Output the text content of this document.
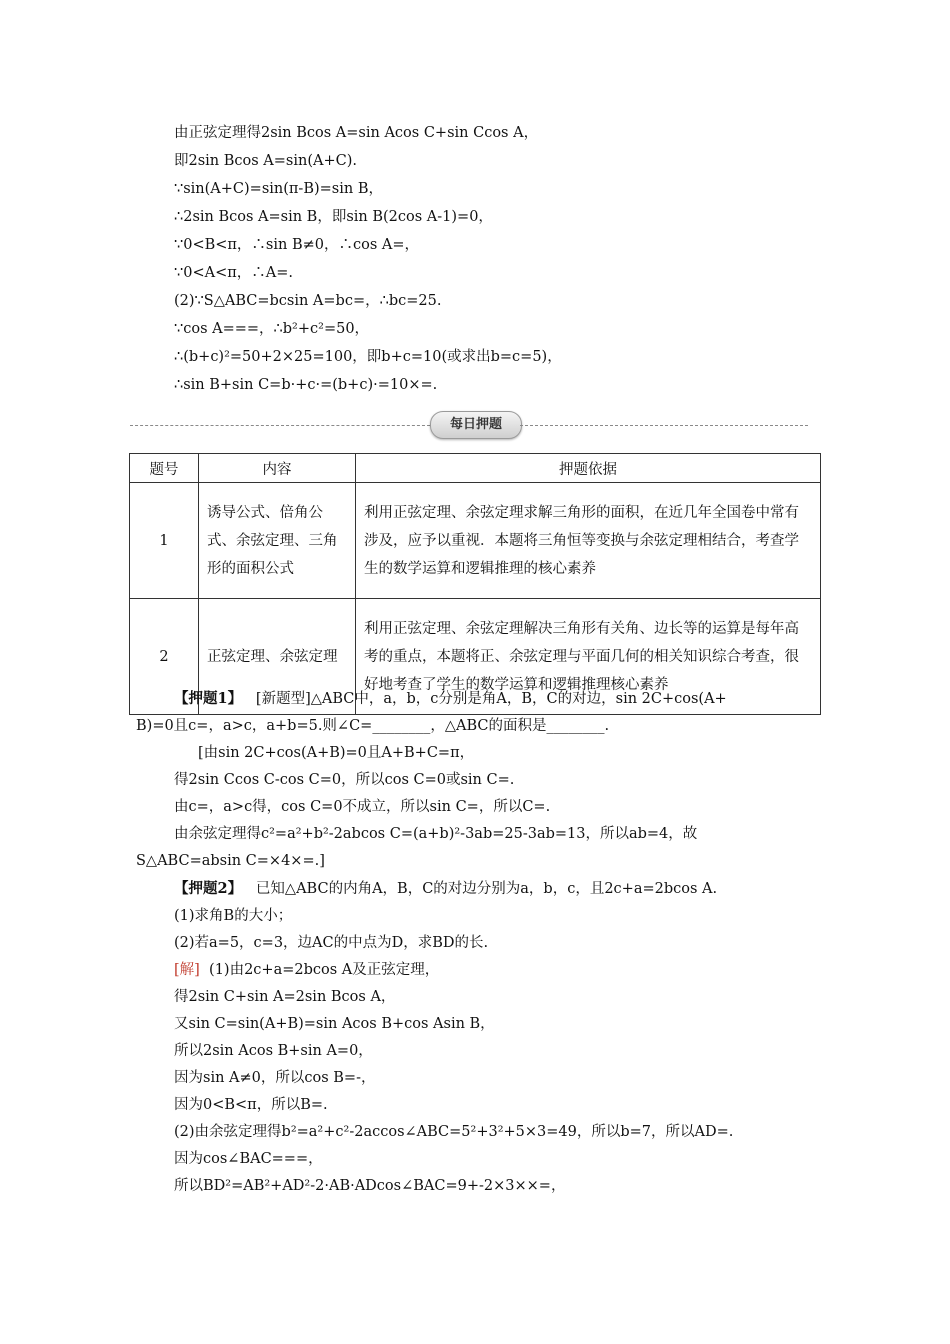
由正弦定理得2sin Bcos A=sin Acos C+sin Ccos A，
即2sin Bcos A=sin(A+C).
∵sin(A+C)=sin(π-B)=sin B，
∴2sin Bcos A=sin B，即sin B(2cos A-1)=0，
∵0<B<π，∴sin B≠0，∴cos A=，
∵0<A<π，∴A=.
(2)∵S△ABC=bcsin A=bc=，∴bc=25.
∵cos A===，∴b²+c²=50，
∴(b+c)²=50+2×25=100，即b+c=10(或求出b=c=5)，
∴sin B+sin C=b·+c·=(b+c)·=10×=.
每日押题
题号	内容	押题依据
1	诱导公式、倍角公式、余弦定理、三角形的面积公式	利用正弦定理、余弦定理求解三角形的面积，在近几年全国卷中常有涉及，应予以重视．本题将三角恒等变换与余弦定理相结合，考查学生的数学运算和逻辑推理的核心素养
2	正弦定理、余弦定理	利用正弦定理、余弦定理解决三角形有关角、边长等的运算是每年高考的重点，本题将正、余弦定理与平面几何的相关知识综合考查，很好地考查了学生的数学运算和逻辑推理核心素养
【押题1】 [新题型]△ABC中，a，b，c分别是角A，B，C的对边，sin 2C+cos(A+
B)=0且c=，a>c，a+b=5.则∠C=________，△ABC的面积是________.
[由sin 2C+cos(A+B)=0且A+B+C=π，
得2sin Ccos C-cos C=0，所以cos C=0或sin C=.
由c=，a>c得，cos C=0不成立，所以sin C=，所以C=.
由余弦定理得c²=a²+b²-2abcos C=(a+b)²-3ab=25-3ab=13，所以ab=4，故
S△ABC=absin C=×4×=.]
【押题2】 已知△ABC的内角A，B，C的对边分别为a，b，c，且2c+a=2bcos A.
(1)求角B的大小；
(2)若a=5，c=3，边AC的中点为D，求BD的长.
[解] (1)由2c+a=2bcos A及正弦定理，
得2sin C+sin A=2sin Bcos A，
又sin C=sin(A+B)=sin Acos B+cos Asin B，
所以2sin Acos B+sin A=0，
因为sin A≠0，所以cos B=-，
因为0<B<π，所以B=.
(2)由余弦定理得b²=a²+c²-2accos∠ABC=5²+3²+5×3=49，所以b=7，所以AD=.
因为cos∠BAC===，
所以BD²=AB²+AD²-2·AB·ADcos∠BAC=9+-2×3××=，
